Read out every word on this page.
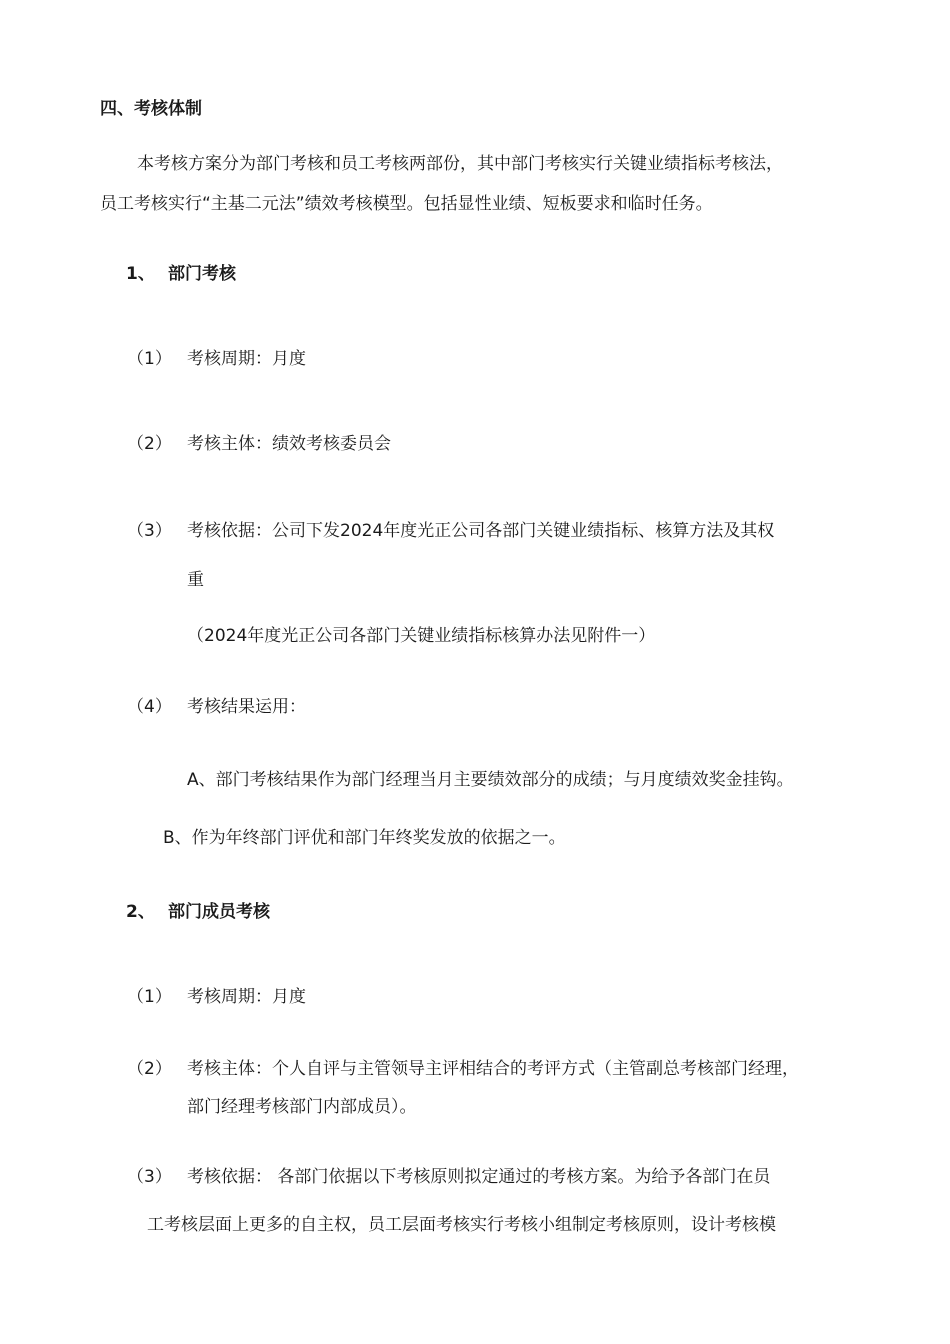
四、考核体制
本考核方案分为部门考核和员工考核两部份，其中部门考核实行关键业绩指标考核法，
员工考核实行“主基二元法”绩效考核模型。包括显性业绩、短板要求和临时任务。
1、 部门考核
（1） 考核周期：月度
（2） 考核主体：绩效考核委员会
（3） 考核依据：公司下发2024年度光正公司各部门关键业绩指标、核算方法及其权
重
（2024年度光正公司各部门关键业绩指标核算办法见附件一）
（4） 考核结果运用：
A、部门考核结果作为部门经理当月主要绩效部分的成绩；与月度绩效奖金挂钩。
B、作为年终部门评优和部门年终奖发放的依据之一。
2、 部门成员考核
（1） 考核周期：月度
（2） 考核主体：个人自评与主管领导主评相结合的考评方式（主管副总考核部门经理，
部门经理考核部门内部成员）。
（3） 考核依据： 各部门依据以下考核原则拟定通过的考核方案。为给予各部门在员
工考核层面上更多的自主权，员工层面考核实行考核小组制定考核原则，设计考核模
